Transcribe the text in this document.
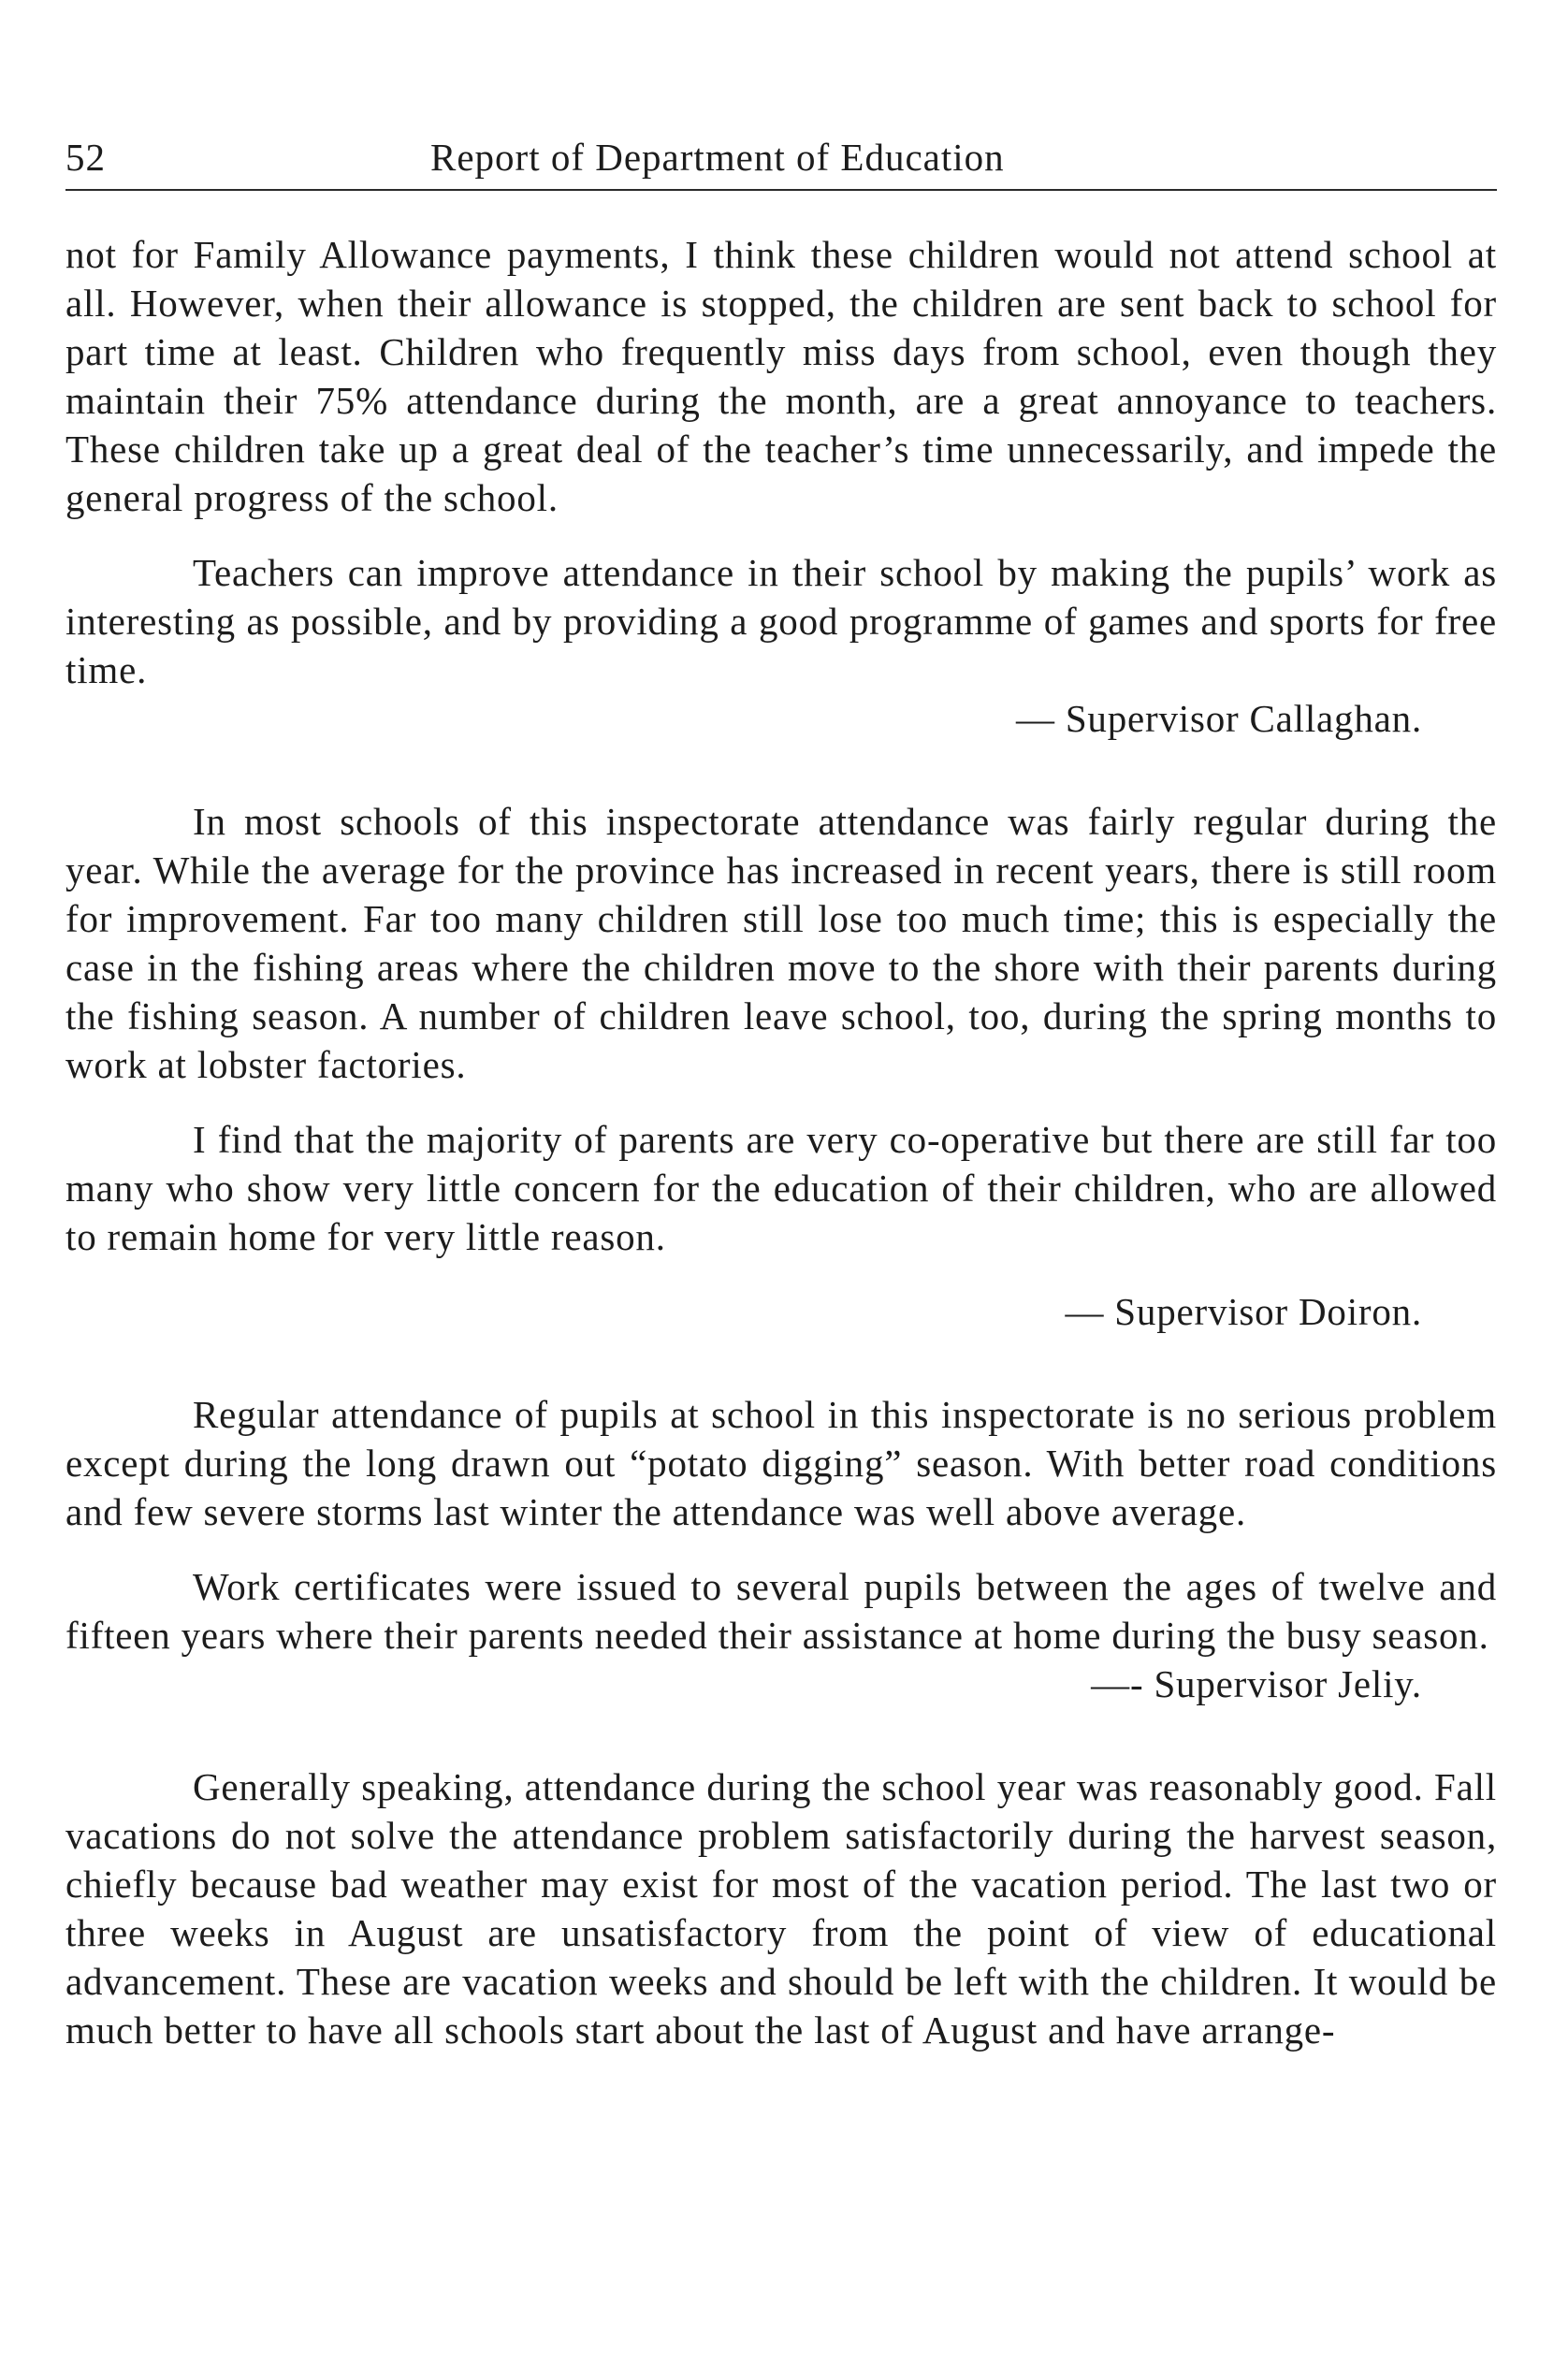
52	Report of Department of Education

not for Family Allowance payments, I think these children would not attend school at all. However, when their allowance is stopped, the children are sent back to school for part time at least. Children who frequently miss days from school, even though they maintain their 75% attendance during the month, are a great annoyance to teachers. These children take up a great deal of the teacher’s time unnecessarily, and impede the general progress of the school.

Teachers can improve attendance in their school by making the pupils’ work as interesting as possible, and by providing a good programme of games and sports for free time.

— Supervisor Callaghan.

In most schools of this inspectorate attendance was fairly regular during the year. While the average for the province has increased in recent years, there is still room for improvement. Far too many children still lose too much time; this is especially the case in the fishing areas where the children move to the shore with their parents during the fishing season. A number of children leave school, too, during the spring months to work at lobster factories.

I find that the majority of parents are very co-operative but there are still far too many who show very little concern for the education of their children, who are allowed to remain home for very little reason.

— Supervisor Doiron.

Regular attendance of pupils at school in this inspectorate is no serious problem except during the long drawn out “potato digging” season. With better road conditions and few severe storms last winter the attendance was well above average.

Work certificates were issued to several pupils between the ages of twelve and fifteen years where their parents needed their assistance at home during the busy season.

—- Supervisor Jeliy.

Generally speaking, attendance during the school year was reasonably good. Fall vacations do not solve the attendance problem satisfactorily during the harvest season, chiefly because bad weather may exist for most of the vacation period. The last two or three weeks in August are unsatisfactory from the point of view of educational advancement. These are vacation weeks and should be left with the children. It would be much better to have all schools start about the last of August and have arrange-
